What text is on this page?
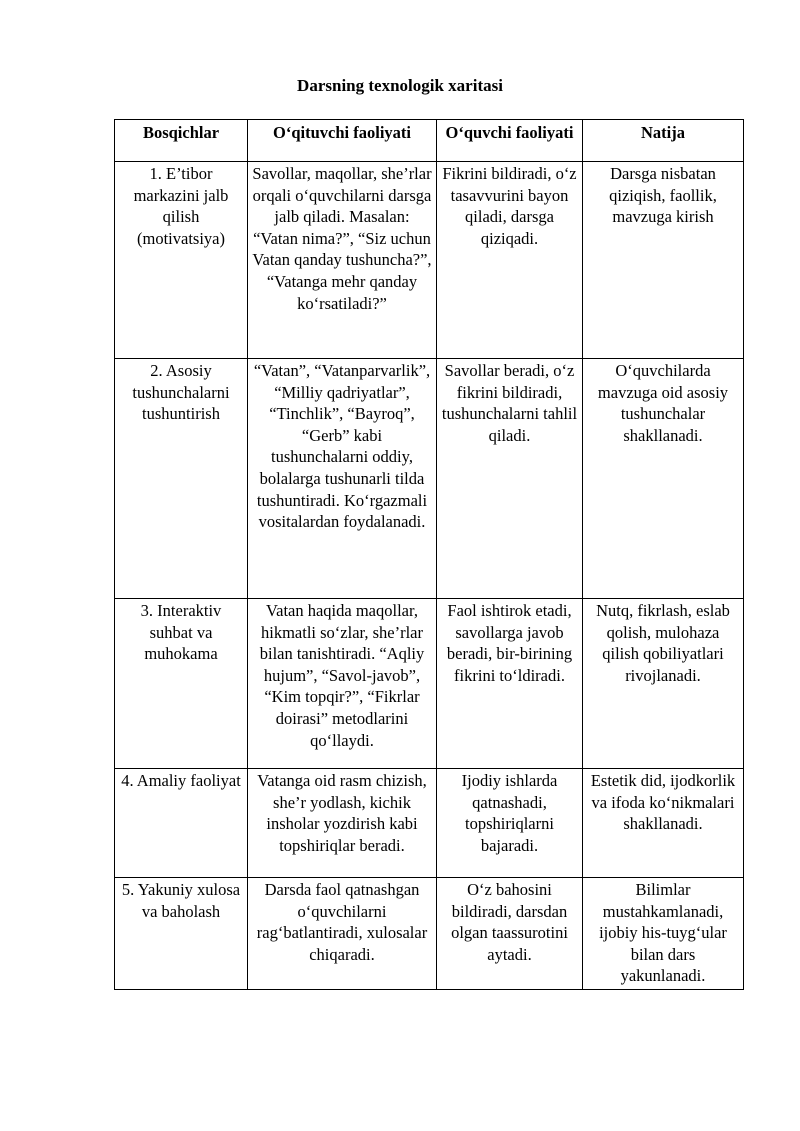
Darsning texnologik xaritasi
Bosqichlar	O‘qituvchi faoliyati	O‘quvchi faoliyati	Natija
1. E’tibor markazini jalb qilish (motivatsiya)	Savollar, maqollar, she’rlar orqali o‘quvchilarni darsga jalb qiladi. Masalan: “Vatan nima?”, “Siz uchun Vatan qanday tushuncha?”, “Vatanga mehr qanday ko‘rsatiladi?”	Fikrini bildiradi, o‘z tasavvurini bayon qiladi, darsga qiziqadi.	Darsga nisbatan qiziqish, faollik, mavzuga kirish
2. Asosiy tushunchalarni tushuntirish	“Vatan”, “Vatanparvarlik”, “Milliy qadriyatlar”, “Tinchlik”, “Bayroq”, “Gerb” kabi tushunchalarni oddiy, bolalarga tushunarli tilda tushuntiradi. Ko‘rgazmali vositalardan foydalanadi.	Savollar beradi, o‘z fikrini bildiradi, tushunchalarni tahlil qiladi.	O‘quvchilarda mavzuga oid asosiy tushunchalar shakllanadi.
3. Interaktiv suhbat va muhokama	Vatan haqida maqollar, hikmatli so‘zlar, she’rlar bilan tanishtiradi. “Aqliy hujum”, “Savol-javob”, “Kim topqir?”, “Fikrlar doirasi” metodlarini qo‘llaydi.	Faol ishtirok etadi, savollarga javob beradi, bir-birining fikrini to‘ldiradi.	Nutq, fikrlash, eslab qolish, mulohaza qilish qobiliyatlari rivojlanadi.
4. Amaliy faoliyat	Vatanga oid rasm chizish, she’r yodlash, kichik insholar yozdirish kabi topshiriqlar beradi.	Ijodiy ishlarda qatnashadi, topshiriqlarni bajaradi.	Estetik did, ijodkorlik va ifoda ko‘nikmalari shakllanadi.
5. Yakuniy xulosa va baholash	Darsda faol qatnashgan o‘quvchilarni rag‘batlantiradi, xulosalar chiqaradi.	O‘z bahosini bildiradi, darsdan olgan taassurotini aytadi.	Bilimlar mustahkamlanadi, ijobiy his-tuyg‘ular bilan dars yakunlanadi.
